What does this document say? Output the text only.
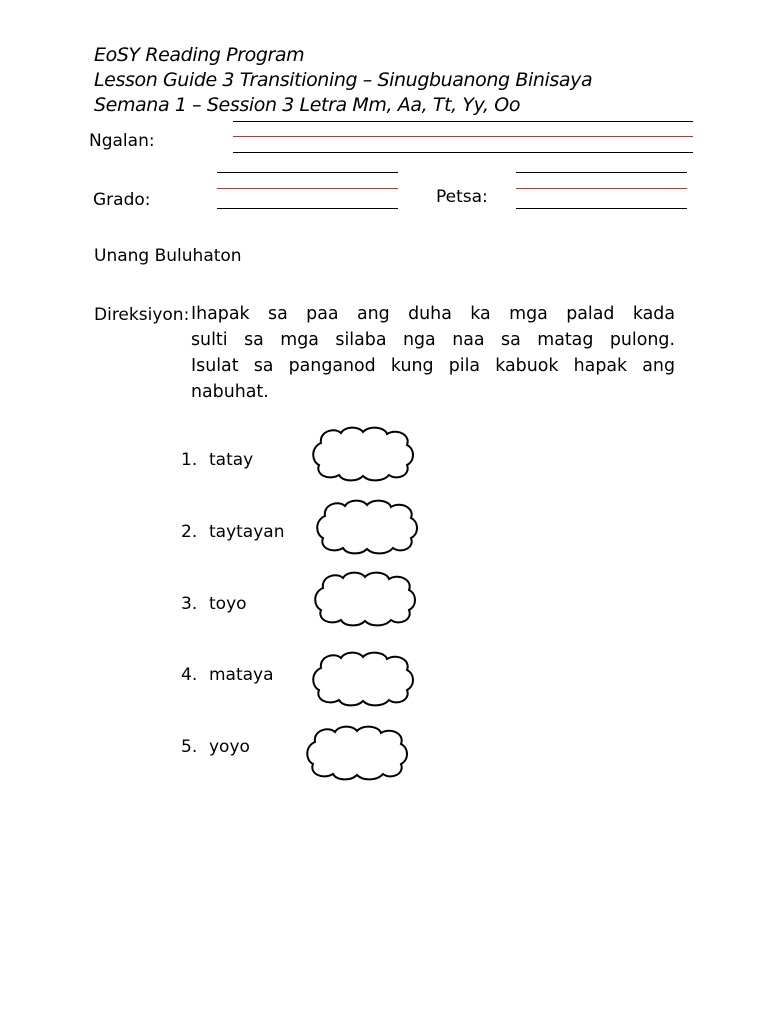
EoSY Reading Program
Lesson Guide 3 Transitioning – Sinugbuanong Binisaya
Semana 1 – Session 3 Letra Mm, Aa, Tt, Yy, Oo
Ngalan:
Grado:	Petsa:
Unang Buluhaton
Direksiyon: Ihapak sa paa ang duha ka mga palad kada
sulti sa mga silaba nga naa sa matag pulong.
Isulat sa panganod kung pila kabuok hapak ang
nabuhat.
1. tatay
2. taytayan
3. toyo
4. mataya
5. yoyo
